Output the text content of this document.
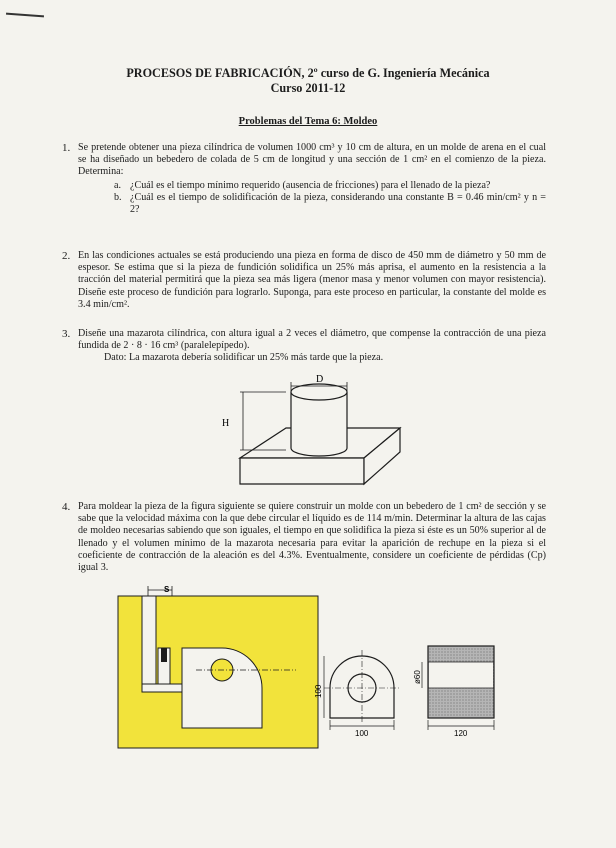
PROCESOS DE FABRICACIÓN, 2º curso de G. Ingeniería Mecánica
Curso 2011-12
Problemas del Tema 6: Moldeo
1. Se pretende obtener una pieza cilíndrica de volumen 1000 cm³ y 10 cm de altura, en un molde de arena en el cual se ha diseñado un bebedero de colada de 5 cm de longitud y una sección de 1 cm² en el comienzo de la pieza. Determina:
a. ¿Cuál es el tiempo mínimo requerido (ausencia de fricciones) para el llenado de la pieza?
b. ¿Cuál es el tiempo de solidificación de la pieza, considerando una constante B = 0.46 min/cm² y n = 2?
2. En las condiciones actuales se está produciendo una pieza en forma de disco de 450 mm de diámetro y 50 mm de espesor. Se estima que si la pieza de fundición solidifica un 25% más aprisa, el aumento en la resistencia a la tracción del material permitirá que la pieza sea más ligera (menor masa y menor volumen con mayor resistencia). Diseñe este proceso de fundición para lograrlo. Suponga, para este proceso en particular, la constante del molde es 3.4 min/cm².
3. Diseñe una mazarota cilíndrica, con altura igual a 2 veces el diámetro, que compense la contracción de una pieza fundida de 2 · 8 · 16 cm³ (paralelepípedo).
Dato: La mazarota debería solidificar un 25% más tarde que la pieza.
D
H
4. Para moldear la pieza de la figura siguiente se quiere construir un molde con un bebedero de 1 cm² de sección y se sabe que la velocidad máxima con la que debe circular el líquido es de 114 m/min. Determinar la altura de las cajas de moldeo necesarias sabiendo que son iguales, el tiempo en que solidifica la pieza si éste es un 50% superior al de llenado y el volumen mínimo de la mazarota necesaria para evitar la aparición de rechupe en la pieza si el coeficiente de contracción de la aleación es del 4.3%. Eventualmente, considere un coeficiente de pérdidas (Cp) igual 3.
S
100
100
ø60
120
